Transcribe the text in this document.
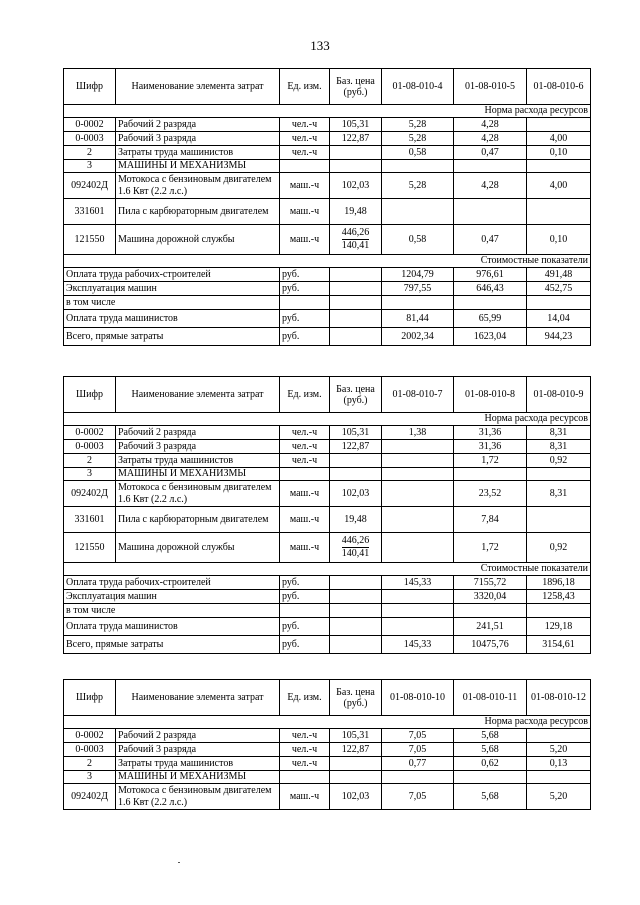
133
Шифр	Наименование элемента затрат	Ед. изм.	Баз. цена (руб.)	01-08-010-4	01-08-010-5	01-08-010-6
Норма расхода ресурсов						
0-0002	Рабочий 2 разряда	чел.-ч	105,31	5,28	4,28	
0-0003	Рабочий 3 разряда	чел.-ч	122,87	5,28	4,28	4,00
2	Затраты труда машинистов	чел.-ч		0,58	0,47	0,10
3	МАШИНЫ И МЕХАНИЗМЫ					
092402Д	Мотокоса с бензиновым двигателем 1.6 Квт (2.2 л.с.)	маш.-ч	102,03	5,28	4,28	4,00
331601	Пила с карбюраторным двигателем	маш.-ч	19,48			
121550	Машина дорожной службы	маш.-ч	$\frac{446,26}{140,41}$	0,58	0,47	0,10
Стоимостные показатели						
Оплата труда рабочих-строителей		руб.		1204,79	976,61	491,48
Эксплуатация машин		руб.		797,55	646,43	452,75
в том числе						
Оплата труда машинистов		руб.		81,44	65,99	14,04
Всего, прямые затраты		руб.		2002,34	1623,04	944,23
Шифр	Наименование элемента затрат	Ед. изм.	Баз. цена (руб.)	01-08-010-7	01-08-010-8	01-08-010-9
Норма расхода ресурсов						
0-0002	Рабочий 2 разряда	чел.-ч	105,31	1,38	31,36	8,31
0-0003	Рабочий 3 разряда	чел.-ч	122,87		31,36	8,31
2	Затраты труда машинистов	чел.-ч			1,72	0,92
3	МАШИНЫ И МЕХАНИЗМЫ					
092402Д	Мотокоса с бензиновым двигателем 1.6 Квт (2.2 л.с.)	маш.-ч	102,03		23,52	8,31
331601	Пила с карбюраторным двигателем	маш.-ч	19,48		7,84	
121550	Машина дорожной службы	маш.-ч	$\frac{446,26}{140,41}$		1,72	0,92
Стоимостные показатели						
Оплата труда рабочих-строителей		руб.		145,33	7155,72	1896,18
Эксплуатация машин		руб.			3320,04	1258,43
в том числе						
Оплата труда машинистов		руб.			241,51	129,18
Всего, прямые затраты		руб.		145,33	10475,76	3154,61
Шифр	Наименование элемента затрат	Ед. изм.	Баз. цена (руб.)	01-08-010-10	01-08-010-11	01-08-010-12
Норма расхода ресурсов						
0-0002	Рабочий 2 разряда	чел.-ч	105,31	7,05	5,68	
0-0003	Рабочий 3 разряда	чел.-ч	122,87	7,05	5,68	5,20
2	Затраты труда машинистов	чел.-ч		0,77	0,62	0,13
3	МАШИНЫ И МЕХАНИЗМЫ					
092402Д	Мотокоса с бензиновым двигателем 1.6 Квт (2.2 л.с.)	маш.-ч	102,03	7,05	5,68	5,20
